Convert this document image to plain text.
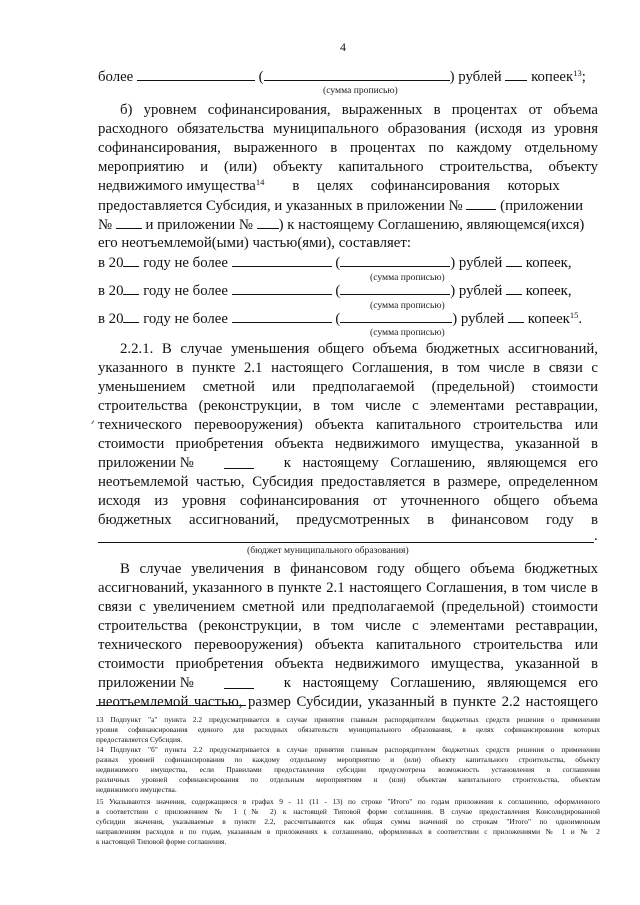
4
более	(	) рублей копеек$^{13}$;
(сумма прописью)
б) уровнем софинансирования, выраженных в процентах от объема
расходного обязательства муниципального образования (исходя из уровня
софинансирования, выраженного в процентах по каждому отдельному
мероприятию и (или) объекту капитального строительства, объекту
недвижимого имущества$^{14}$ в целях софинансирования которых
предоставляется Субсидия, и указанных в приложении №	(приложении
№ и приложении № ) к настоящему Соглашению, являющемся(ихся)
его неотъемлемой(ыми) частью(ями), составляет:
в 20 году не более	(	) рублей копеек,
(сумма прописью)
в 20 году не более	(	) рублей копеек,
(сумма прописью)
в 20 году не более	(	) рублей копеек$^{15}$.
(сумма прописью)
2.2.1. В случае уменьшения общего объема бюджетных ассигнований,
указанного в пункте 2.1 настоящего Соглашения, в том числе в связи с
уменьшением сметной или предполагаемой (предельной) стоимости
строительства (реконструкции, в том числе с элементами реставрации,
технического перевооружения) объекта капитального строительства или
стоимости приобретения объекта недвижимого имущества, указанной в
приложении №	к настоящему Соглашению, являющемся его
неотъемлемой частью, Субсидия предоставляется в размере, определенном
исходя из уровня софинансирования от уточненного общего объема
бюджетных ассигнований, предусмотренных в финансовом году в
.
(бюджет муниципального образования)
В случае увеличения в финансовом году общего объема бюджетных
ассигнований, указанного в пункте 2.1 настоящего Соглашения, в том числе в
связи с увеличением сметной или предполагаемой (предельной) стоимости
строительства (реконструкции, в том числе с элементами реставрации,
технического перевооружения) объекта капитального строительства или
стоимости приобретения объекта недвижимого имущества, указанной в
приложении №	к настоящему Соглашению, являющемся его
неотъемлемой частью, размер Субсидии, указанный в пункте 2.2 настоящего
13 Подпункт "а" пункта 2.2 предусматривается в случае принятия главным распорядителем бюджетных средств решения о применении
уровня софинансирования единого для расходных обязательств муниципального образования, в целях софинансирования которых
предоставляется Субсидия.
14 Подпункт "б" пункта 2.2 предусматривается в случае принятия главным распорядителем бюджетных средств решения о применении
разных уровней софинансирования по каждому отдельному мероприятию и (или) объекту капитального строительства, объекту
недвижимого имущества, если Правилами предоставления субсидии предусмотрена возможность установления в соглашении
различных уровней софинансирования по отдельным мероприятиям и (или) объектам капитального строительства, объектам
недвижимого имущества.
15 Указываются значения, содержащиеся в графах 9 - 11 (11 - 13) по строке "Итого" по годам приложения к соглашению, оформленного
в соответствии с приложением № 1 (№ 2) к настоящей Типовой форме соглашения. В случае предоставления Консолидированной
субсидии значения, указываемые в пункте 2.2, рассчитываются как общая сумма значений по строкам "Итого" по одноименным
направлениям расходов и по годам, указанным в приложениях к соглашению, оформленных в соответствии с приложениями № 1 и № 2
к настоящей Типовой форме соглашения.
